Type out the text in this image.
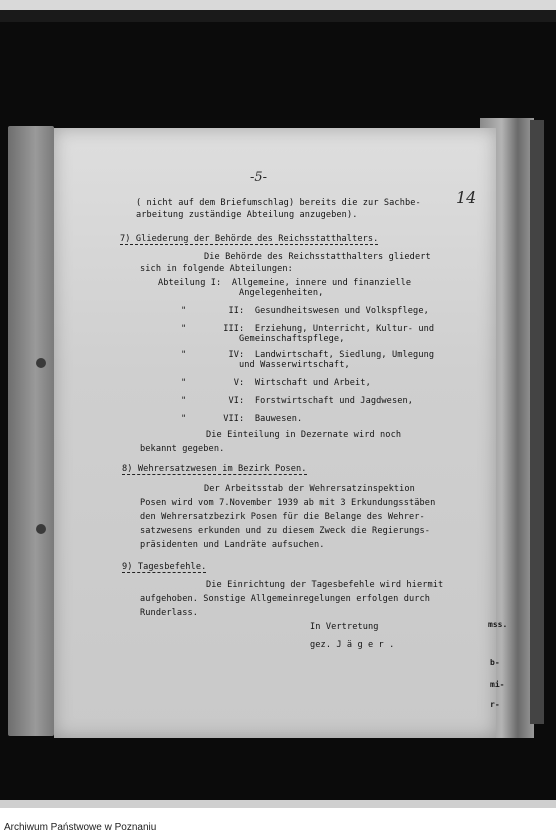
-5-
14
( nicht auf dem Briefumschlag) bereits die zur Sachbe-
arbeitung zuständige Abteilung anzugeben).
7) Gliederung der Behörde des Reichsstatthalters.
Die Behörde des Reichsstatthalters gliedert
sich in folgende Abteilungen:
Abteilung I:  Allgemeine, innere und finanzielle
Angelegenheiten,
"        II:  Gesundheitswesen und Volkspflege,
"       III:  Erziehung, Unterricht, Kultur- und
Gemeinschaftspflege,
"        IV:  Landwirtschaft, Siedlung, Umlegung
und Wasserwirtschaft,
"         V:  Wirtschaft und Arbeit,
"        VI:  Forstwirtschaft und Jagdwesen,
"       VII:  Bauwesen.
Die Einteilung in Dezernate wird noch
bekannt gegeben.
8) Wehrersatzwesen im Bezirk Posen.
Der Arbeitsstab der Wehrersatzinspektion
Posen wird vom 7.November 1939 ab mit 3 Erkundungsstäben
den Wehrersatzbezirk Posen für die Belange des Wehrer-
satzwesens erkunden und zu diesem Zweck die Regierungs-
präsidenten und Landräte aufsuchen.
9) Tagesbefehle.
Die Einrichtung der Tagesbefehle wird hiermit
aufgehoben. Sonstige Allgemeinregelungen erfolgen durch
Runderlass.
In Vertretung
gez. J ä g e r .
mss.
b-
mi-
r-
Archiwum Państwowe w Poznaniu
